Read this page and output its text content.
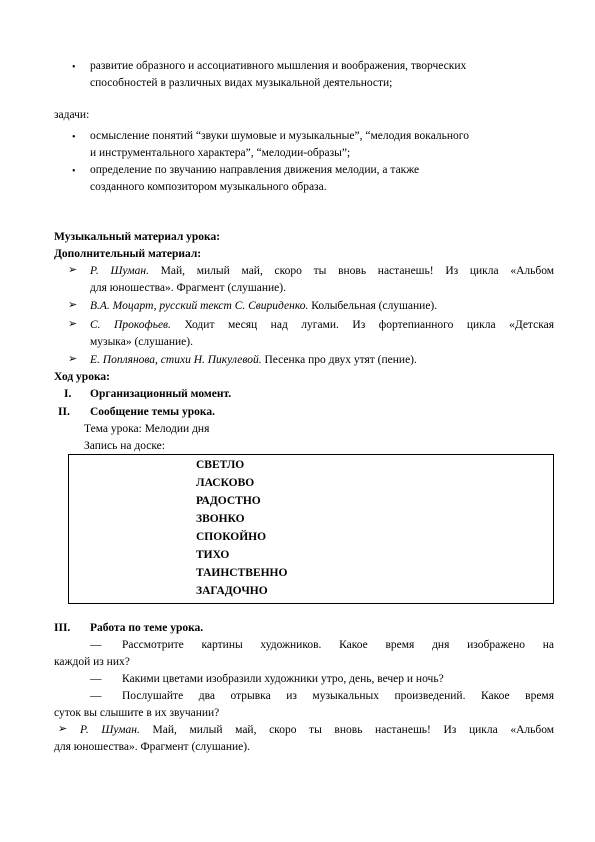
• развитие образного и ассоциативного мышления и воображения, творческих
способностей в различных видах музыкальной деятельности;
задачи:
• осмысление понятий “звуки шумовые и музыкальные”, “мелодия вокального
и инструментального характера”, “мелодии-образы”;
• определение по звучанию направления движения мелодии, а также
созданного композитором музыкального образа.
Музыкальный материал урока:
Дополнительный материал:
➢ Р. Шуман. Май, милый май, скоро ты вновь настанешь! Из цикла «Альбом
для юношества». Фрагмент (слушание).
➢ В.А. Моцарт, русский текст С. Свириденко. Колыбельная (слушание).
➢ С. Прокофьев. Ходит месяц над лугами. Из фортепианного цикла «Детская
музыка» (слушание).
➢ Е. Поплянова, стихи Н. Пикулевой. Песенка про двух утят (пение).
Ход урока:
I. Организационный момент.
II. Сообщение темы урока.
Тема урока: Мелодии дня
Запись на доске:
СВЕТЛО
ЛАСКОВО
РАДОСТНО
ЗВОНКО
СПОКОЙНО
ТИХО
ТАИНСТВЕННО
ЗАГАДОЧНО
III. Работа по теме урока.
— Рассмотрите картины художников. Какое время дня изображено на
каждой из них?
— Какими цветами изобразили художники утро, день, вечер и ночь?
— Послушайте два отрывка из музыкальных произведений. Какое время
суток вы слышите в их звучании?
➢ Р. Шуман. Май, милый май, скоро ты вновь настанешь! Из цикла «Альбом
для юношества». Фрагмент (слушание).
